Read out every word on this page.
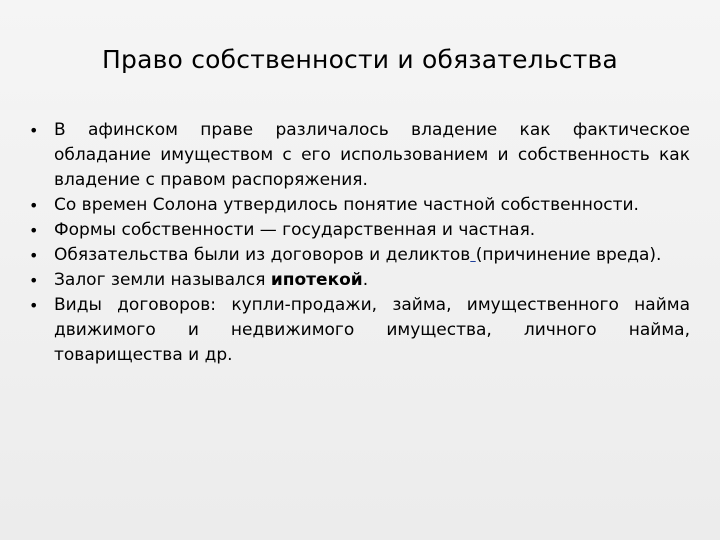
Право собственности и обязательства
• В афинском праве различалось владение как фактическое обладание имуществом с его использованием и собственность как владение с правом распоряжения.
• Со времен Солона утвердилось понятие частной собственности.
• Формы собственности — государственная и частная.
• Обязательства были из договоров и деликтов (причинение вреда).
• Залог земли назывался ипотекой.
• Виды договоров: купли-продажи, займа, имущественного найма движимого и недвижимого имущества, личного найма, товарищества и др.
